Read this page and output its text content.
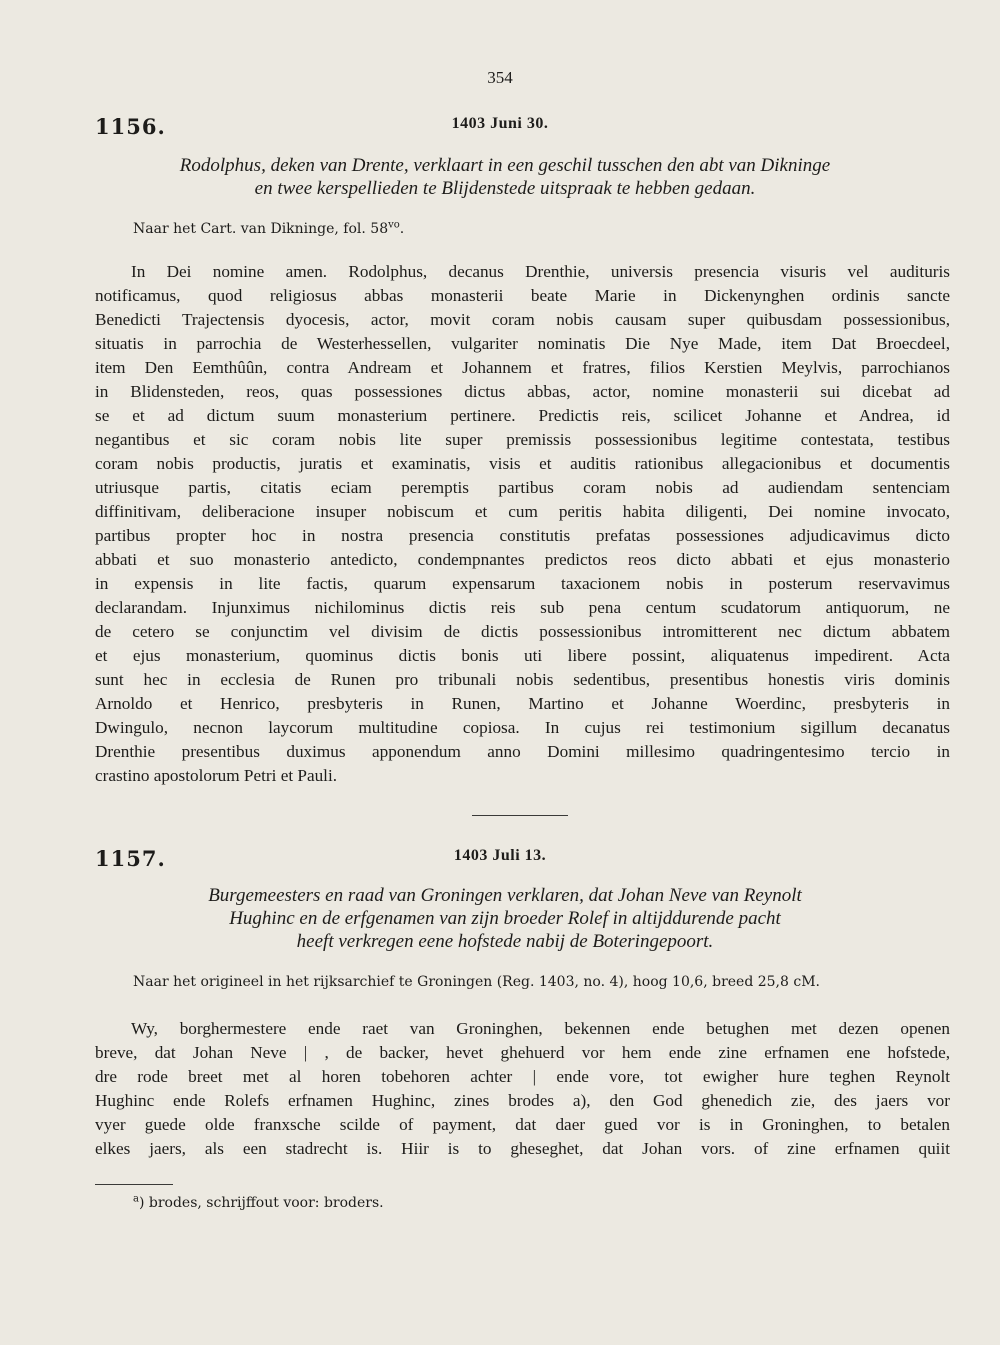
354
1156.	1403 Juni 30.
Rodolphus, deken van Drente, verklaart in een geschil tusschen den abt van Dikninge
en twee kerspellieden te Blijdenstede uitspraak te hebben gedaan.
Naar het Cart. van Dikninge, fol. $58^{vo}$.
In Dei nomine amen. Rodolphus, decanus Drenthie, universis presencia visuris vel audituris
notificamus, quod religiosus abbas monasterii beate Marie in Dickenynghen ordinis sancte
Benedicti Trajectensis dyocesis, actor, movit coram nobis causam super quibusdam possessionibus,
situatis in parrochia de Westerhessellen, vulgariter nominatis Die Nye Made, item Dat Broecdeel,
item Den Eemthûûn, contra Andream et Johannem et fratres, filios Kerstien Meylvis, parrochianos
in Blidensteden, reos, quas possessiones dictus abbas, actor, nomine monasterii sui dicebat ad
se et ad dictum suum monasterium pertinere. Predictis reis, scilicet Johanne et Andrea, id
negantibus et sic coram nobis lite super premissis possessionibus legitime contestata, testibus
coram nobis productis, juratis et examinatis, visis et auditis rationibus allegacionibus et documentis
utriusque partis, citatis eciam peremptis partibus coram nobis ad audiendam sentenciam
diffinitivam, deliberacione insuper nobiscum et cum peritis habita diligenti, Dei nomine invocato,
partibus propter hoc in nostra presencia constitutis prefatas possessiones adjudicavimus dicto
abbati et suo monasterio antedicto, condempnantes predictos reos dicto abbati et ejus monasterio
in expensis in lite factis, quarum expensarum taxacionem nobis in posterum reservavimus
declarandam. Injunximus nichilominus dictis reis sub pena centum scudatorum antiquorum, ne
de cetero se conjunctim vel divisim de dictis possessionibus intromitterent nec dictum abbatem
et ejus monasterium, quominus dictis bonis uti libere possint, aliquatenus impedirent. Acta
sunt hec in ecclesia de Runen pro tribunali nobis sedentibus, presentibus honestis viris dominis
Arnoldo et Henrico, presbyteris in Runen, Martino et Johanne Woerdinc, presbyteris in
Dwingulo, necnon laycorum multitudine copiosa. In cujus rei testimonium sigillum decanatus
Drenthie presentibus duximus apponendum anno Domini millesimo quadringentesimo tercio in
crastino apostolorum Petri et Pauli.
1157.	1403 Juli 13.
Burgemeesters en raad van Groningen verklaren, dat Johan Neve van Reynolt
Hughinc en de erfgenamen van zijn broeder Rolef in altijddurende pacht
heeft verkregen eene hofstede nabij de Boteringepoort.
Naar het origineel in het rijksarchief te Groningen (Reg. 1403, no. 4), hoog 10,6, breed 25,8 cM.
Wy, borghermestere ende raet van Groninghen, bekennen ende betughen met dezen openen
breve, dat Johan Neve | , de backer, hevet ghehuerd vor hem ende zine erfnamen ene hofstede,
dre rode breet met al horen tobehoren achter | ende vore, tot ewigher hure teghen Reynolt
Hughinc ende Rolefs erfnamen Hughinc, zines brodes a), den God ghenedich zie, des jaers vor
vyer guede olde franxsche scilde of payment, dat daer gued vor is in Groninghen, to betalen
elkes jaers, als een stadrecht is. Hiir is to gheseghet, dat Johan vors. of zine erfnamen quiit
$^a$) brodes, schrijffout voor: broders.
